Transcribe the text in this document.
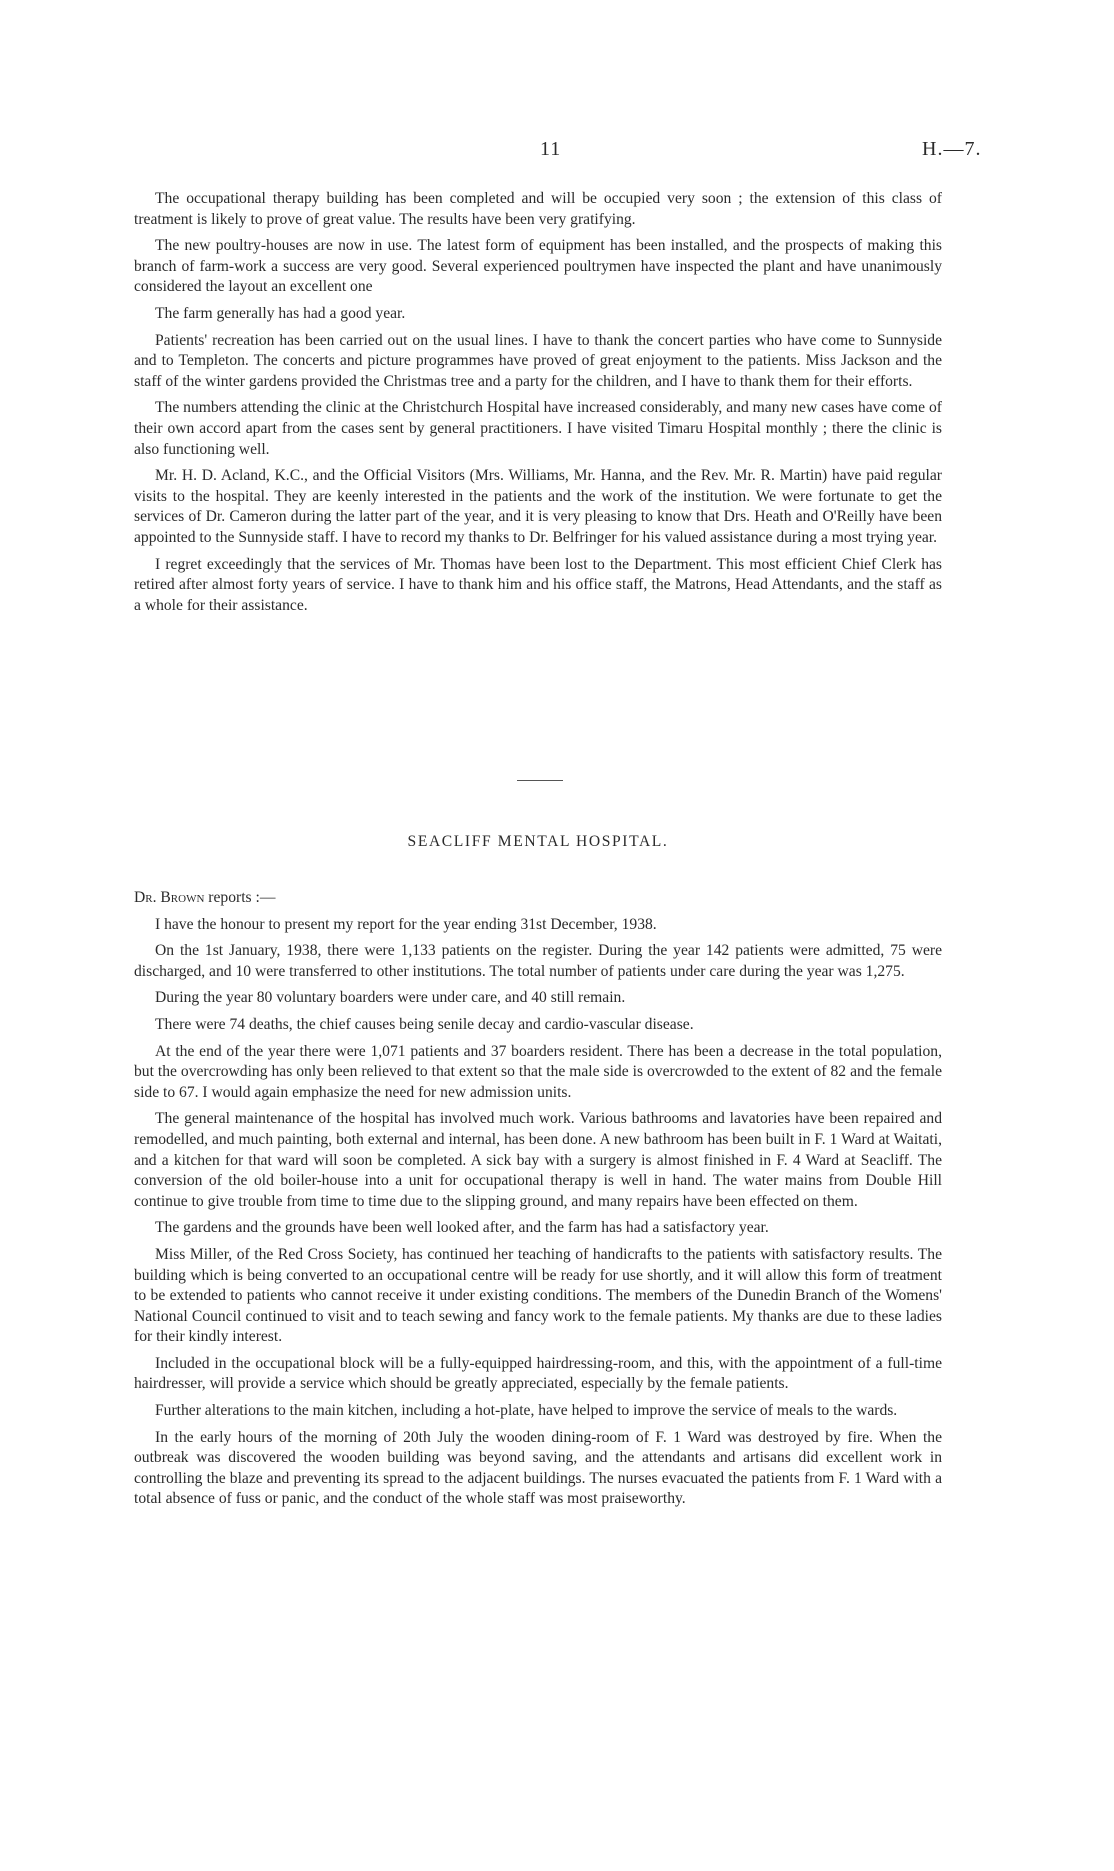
11	H.—7.

The occupational therapy building has been completed and will be occupied very soon ; the extension of this class of treatment is likely to prove of great value. The results have been very gratifying.

The new poultry-houses are now in use. The latest form of equipment has been installed, and the prospects of making this branch of farm-work a success are very good. Several experienced poultrymen have inspected the plant and have unanimously considered the layout an excellent one

The farm generally has had a good year.

Patients' recreation has been carried out on the usual lines. I have to thank the concert parties who have come to Sunnyside and to Templeton. The concerts and picture programmes have proved of great enjoyment to the patients. Miss Jackson and the staff of the winter gardens provided the Christmas tree and a party for the children, and I have to thank them for their efforts.

The numbers attending the clinic at the Christchurch Hospital have increased considerably, and many new cases have come of their own accord apart from the cases sent by general practitioners. I have visited Timaru Hospital monthly ; there the clinic is also functioning well.

Mr. H. D. Acland, K.C., and the Official Visitors (Mrs. Williams, Mr. Hanna, and the Rev. Mr. R. Martin) have paid regular visits to the hospital. They are keenly interested in the patients and the work of the institution. We were fortunate to get the services of Dr. Cameron during the latter part of the year, and it is very pleasing to know that Drs. Heath and O'Reilly have been appointed to the Sunnyside staff. I have to record my thanks to Dr. Belfringer for his valued assistance during a most trying year.

I regret exceedingly that the services of Mr. Thomas have been lost to the Department. This most efficient Chief Clerk has retired after almost forty years of service. I have to thank him and his office staff, the Matrons, Head Attendants, and the staff as a whole for their assistance.

SEACLIFF MENTAL HOSPITAL.

Dr. Brown reports :—

I have the honour to present my report for the year ending 31st December, 1938.

On the 1st January, 1938, there were 1,133 patients on the register. During the year 142 patients were admitted, 75 were discharged, and 10 were transferred to other institutions. The total number of patients under care during the year was 1,275.

During the year 80 voluntary boarders were under care, and 40 still remain.

There were 74 deaths, the chief causes being senile decay and cardio-vascular disease.

At the end of the year there were 1,071 patients and 37 boarders resident. There has been a decrease in the total population, but the overcrowding has only been relieved to that extent so that the male side is overcrowded to the extent of 82 and the female side to 67. I would again emphasize the need for new admission units.

The general maintenance of the hospital has involved much work. Various bathrooms and lavatories have been repaired and remodelled, and much painting, both external and internal, has been done. A new bathroom has been built in F. 1 Ward at Waitati, and a kitchen for that ward will soon be completed. A sick bay with a surgery is almost finished in F. 4 Ward at Seacliff. The conversion of the old boiler-house into a unit for occupational therapy is well in hand. The water mains from Double Hill continue to give trouble from time to time due to the slipping ground, and many repairs have been effected on them.

The gardens and the grounds have been well looked after, and the farm has had a satisfactory year.

Miss Miller, of the Red Cross Society, has continued her teaching of handicrafts to the patients with satisfactory results. The building which is being converted to an occupational centre will be ready for use shortly, and it will allow this form of treatment to be extended to patients who cannot receive it under existing conditions. The members of the Dunedin Branch of the Womens' National Council continued to visit and to teach sewing and fancy work to the female patients. My thanks are due to these ladies for their kindly interest.

Included in the occupational block will be a fully-equipped hairdressing-room, and this, with the appointment of a full-time hairdresser, will provide a service which should be greatly appreciated, especially by the female patients.

Further alterations to the main kitchen, including a hot-plate, have helped to improve the service of meals to the wards.

In the early hours of the morning of 20th July the wooden dining-room of F. 1 Ward was destroyed by fire. When the outbreak was discovered the wooden building was beyond saving, and the attendants and artisans did excellent work in controlling the blaze and preventing its spread to the adjacent buildings. The nurses evacuated the patients from F. 1 Ward with a total absence of fuss or panic, and the conduct of the whole staff was most praiseworthy.
